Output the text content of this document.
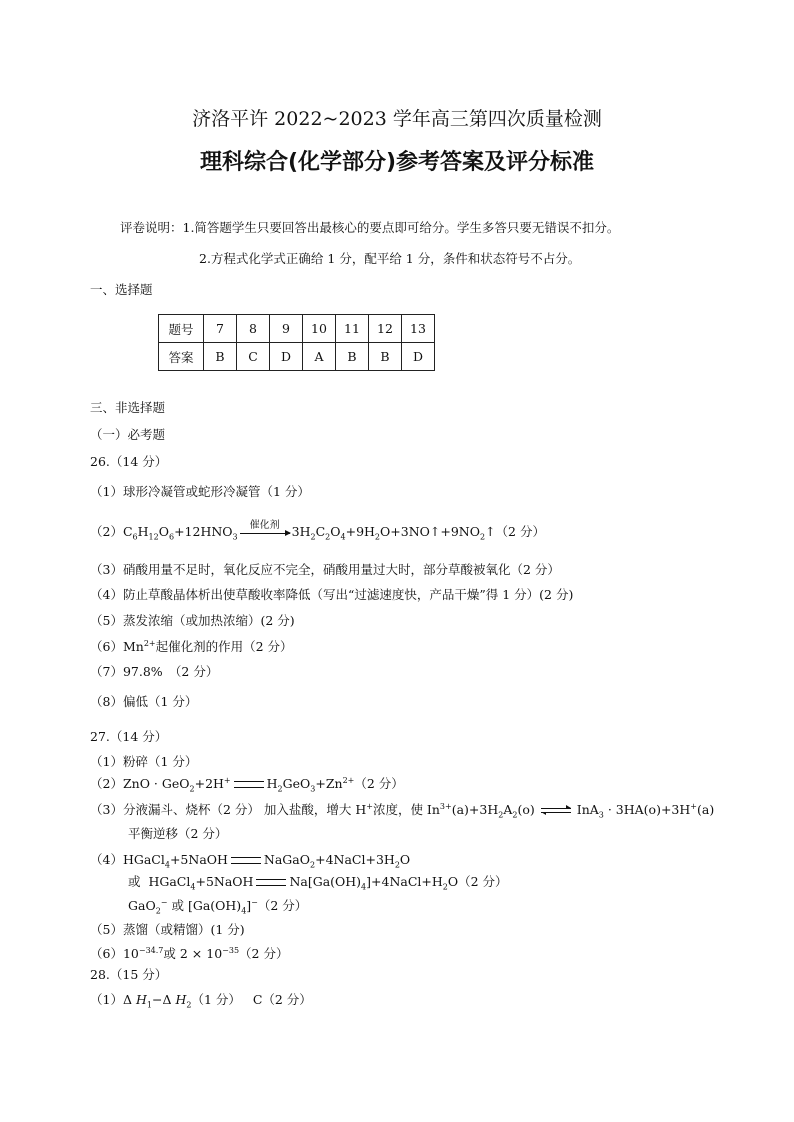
济洛平许 2022~2023 学年高三第四次质量检测
理科综合(化学部分)参考答案及评分标准
评卷说明：1.简答题学生只要回答出最核心的要点即可给分。学生多答只要无错误不扣分。
2.方程式化学式正确给 1 分，配平给 1 分，条件和状态符号不占分。
一、选择题
题号	7	8	9	10	11	12	13
答案	B	C	D	A	B	B	D
三、非选择题
（一）必考题
26.（14 分）
（1）球形冷凝管或蛇形冷凝管（1 分）
$(2)C_6H_{12}O_6+12HNO_3$
催化剂 $3H_2C_2O_4+9H_2O+3NO↑+9NO_2↑(2$ 分）
（3）硝酸用量不足时，氧化反应不完全，硝酸用量过大时，部分草酸被氧化（2 分）
（4）防止草酸晶体析出使草酸收率降低（写出“过滤速度快，产品干燥”得 1 分）(2 分)
（5）蒸发浓缩（或加热浓缩）(2 分)
$(6)Mn^{2+}$起催化剂的作用（2 分）
（7）97.8%　（2 分）
（8）偏低（1 分）
27.（14 分）
（1）粉碎（1 分）
（2）ZnO · GeO$_2$+2H+	$H_2GeO_3+Zn^{2+}(2$ 分）
（3）分液漏斗、烧杯（2 分） 加入盐酸，增大 H+浓度，使 $In^{3+}(a)+3H_2A_2(o)$	InA$_3$ · 3HA(o)+3H+(a)
平衡逆移（2 分）
（4）HGaCl$_4$+5NaOH	$NaGaO_2+4NaCl+3H_2O$
或  HGaCl$_4$+5NaOH	$Na[Ga(OH)_4]+4NaCl+H_2O(2$ 分）
GaO$_2$− 或 $[Ga(OH)_4]^-(2$ 分）
（5）蒸馏（或精馏）(1 分)
$(6)10^{-34.7}$或 $2 \times 10^{-35}(2$ 分）
28.（15 分）
（1）Δ $H_1-\Delta$ $H_2(1$ 分） C（2 分）
